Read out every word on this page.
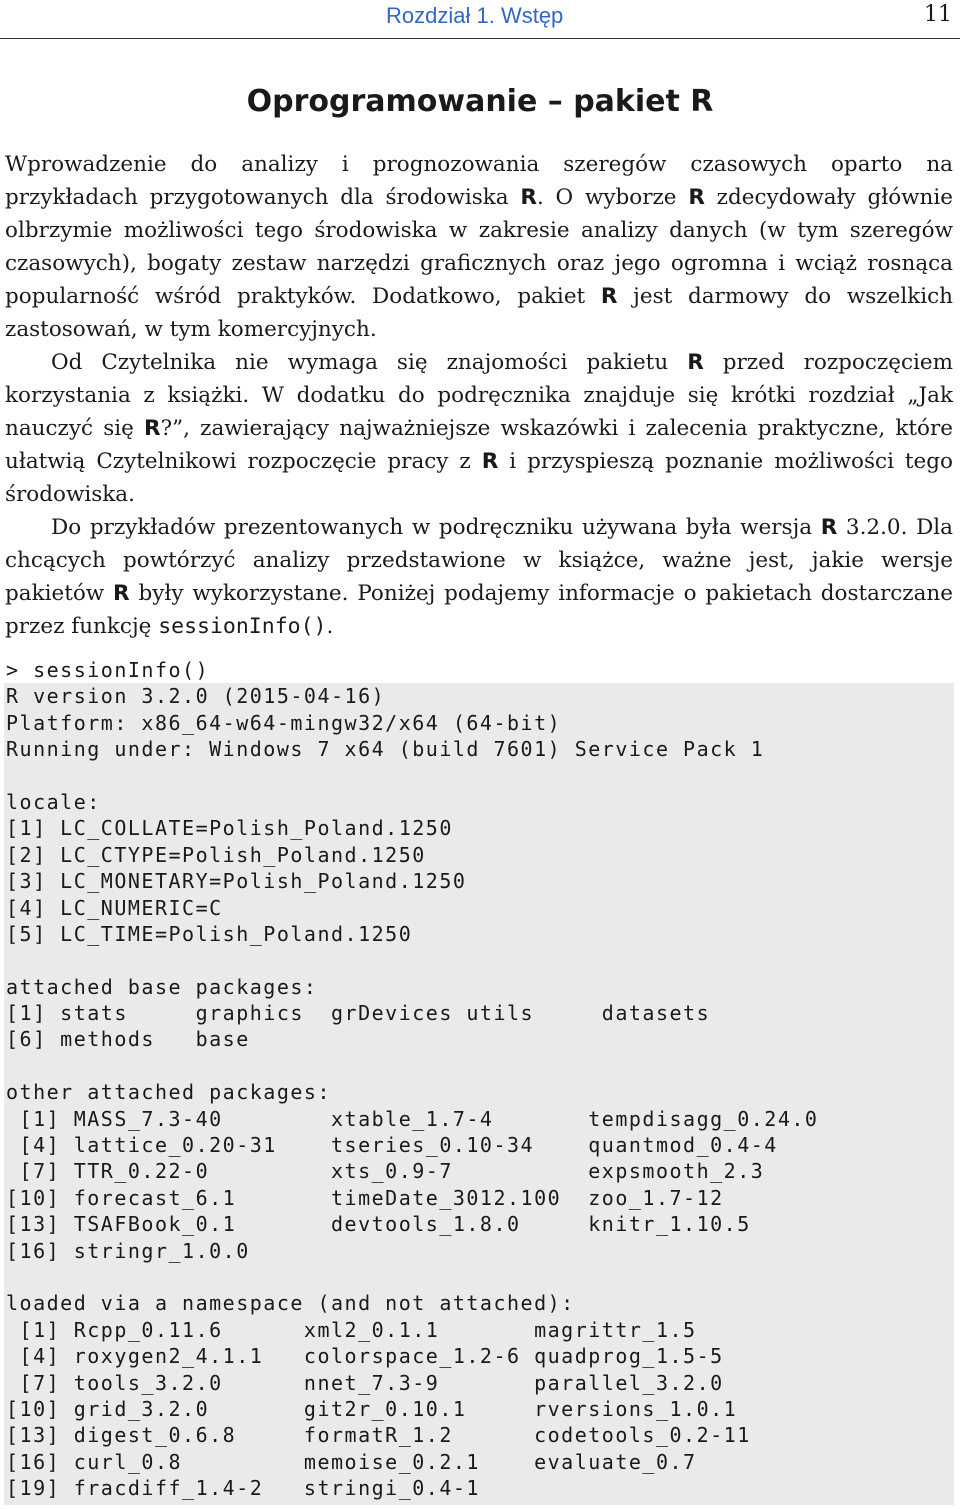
Rozdział 1. Wstęp	11
Oprogramowanie – pakiet R

Wprowadzenie do analizy i prognozowania szeregów czasowych oparto na przykładach przygotowanych dla środowiska R. O wyborze R zdecydowały głównie olbrzymie możliwości tego środowiska w zakresie analizy danych (w tym szeregów czasowych), bogaty zestaw narzędzi graficznych oraz jego ogromna i wciąż rosnąca popularność wśród praktyków. Dodatkowo, pakiet R jest darmowy do wszelkich zastosowań, w tym komercyjnych.

Od Czytelnika nie wymaga się znajomości pakietu R przed rozpoczęciem korzystania z książki. W dodatku do podręcznika znajduje się krótki rozdział „Jak nauczyć się R?”, zawierający najważniejsze wskazówki i zalecenia praktyczne, które ułatwią Czytelnikowi rozpoczęcie pracy z R i przyspieszą poznanie możliwości tego środowiska.

Do przykładów prezentowanych w podręczniku używana była wersja R 3.2.0. Dla chcących powtórzyć analizy przedstawione w książce, ważne jest, jakie wersje pakietów R były wykorzystane. Poniżej podajemy informacje o pakietach dostarczane przez funkcję sessionInfo().

> sessionInfo()
R version 3.2.0 (2015-04-16)
Platform: x86_64-w64-mingw32/x64 (64-bit)
Running under: Windows 7 x64 (build 7601) Service Pack 1
locale:
[1] LC_COLLATE=Polish_Poland.1250
[2] LC_CTYPE=Polish_Poland.1250
[3] LC_MONETARY=Polish_Poland.1250
[4] LC_NUMERIC=C
[5] LC_TIME=Polish_Poland.1250
attached base packages:
[1] stats     graphics  grDevices utils     datasets
[6] methods   base
other attached packages:
[1] MASS_7.3-40        xtable_1.7-4       tempdisagg_0.24.0
[4] lattice_0.20-31    tseries_0.10-34    quantmod_0.4-4
[7] TTR_0.22-0         xts_0.9-7          expsmooth_2.3
[10] forecast_6.1       timeDate_3012.100  zoo_1.7-12
[13] TSAFBook_0.1       devtools_1.8.0     knitr_1.10.5
[16] stringr_1.0.0
loaded via a namespace (and not attached):
[1] Rcpp_0.11.6      xml2_0.1.1       magrittr_1.5
[4] roxygen2_4.1.1   colorspace_1.2-6 quadprog_1.5-5
[7] tools_3.2.0      nnet_7.3-9       parallel_3.2.0
[10] grid_3.2.0       git2r_0.10.1     rversions_1.0.1
[13] digest_0.6.8     formatR_1.2      codetools_0.2-11
[16] curl_0.8         memoise_0.2.1    evaluate_0.7
[19] fracdiff_1.4-2   stringi_0.4-1
